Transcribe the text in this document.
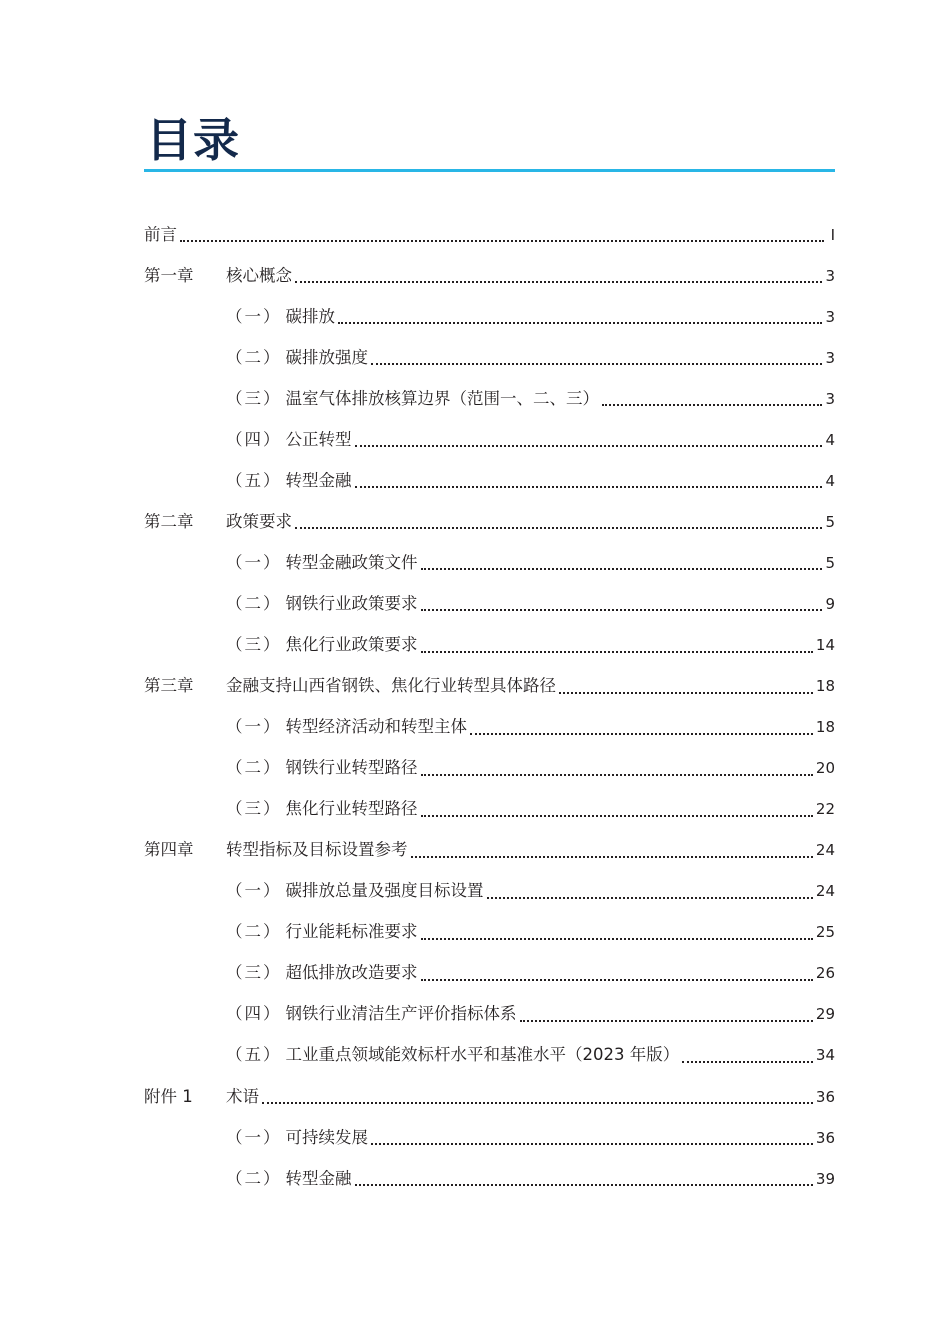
目录
前言	I
第一章	核心概念	3
（一） 碳排放	3
（二） 碳排放强度	3
（三） 温室气体排放核算边界（范围一、二、三）	3
（四） 公正转型	4
（五） 转型金融	4
第二章	政策要求	5
（一） 转型金融政策文件	5
（二） 钢铁行业政策要求	9
（三） 焦化行业政策要求	14
第三章	金融支持山西省钢铁、焦化行业转型具体路径	18
（一） 转型经济活动和转型主体	18
（二） 钢铁行业转型路径	20
（三） 焦化行业转型路径	22
第四章	转型指标及目标设置参考	24
（一） 碳排放总量及强度目标设置	24
（二） 行业能耗标准要求	25
（三） 超低排放改造要求	26
（四） 钢铁行业清洁生产评价指标体系	29
（五） 工业重点领域能效标杆水平和基准水平（2023 年版）	34
附件 1	术语	36
（一） 可持续发展	36
（二） 转型金融	39
